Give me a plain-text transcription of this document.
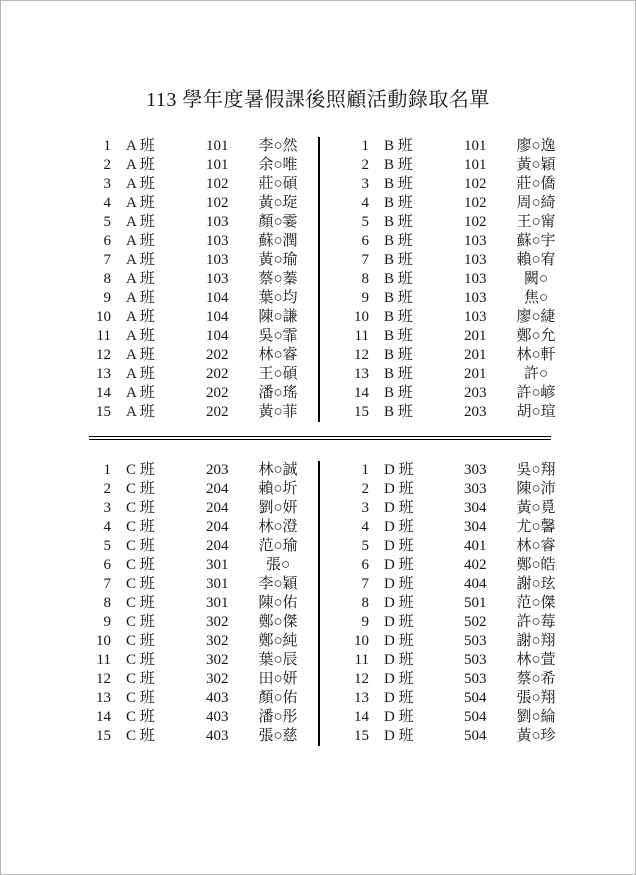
113 學年度暑假課後照顧活動錄取名單
1	A 班	101	李○然
2	A 班	101	余○唯
3	A 班	102	莊○碩
4	A 班	102	黃○琁
5	A 班	103	顏○霎
6	A 班	103	蘇○潤
7	A 班	103	黃○瑜
8	A 班	103	蔡○蓁
9	A 班	104	葉○均
10	A 班	104	陳○謙
11	A 班	104	吳○霏
12	A 班	202	林○睿
13	A 班	202	王○碩
14	A 班	202	潘○瑤
15	A 班	202	黃○菲
1	B 班	101	廖○逸
2	B 班	101	黃○穎
3	B 班	102	莊○僑
4	B 班	102	周○綺
5	B 班	102	王○甯
6	B 班	103	蘇○宇
7	B 班	103	賴○宥
8	B 班	103	闕○
9	B 班	103	焦○
10	B 班	103	廖○緁
11	B 班	201	鄭○允
12	B 班	201	林○軒
13	B 班	201	許○
14	B 班	203	許○嵃
15	B 班	203	胡○瑄
1	C 班	203	林○誠
2	C 班	204	賴○圻
3	C 班	204	劉○妍
4	C 班	204	林○澄
5	C 班	204	范○瑜
6	C 班	301	張○
7	C 班	301	李○穎
8	C 班	301	陳○佑
9	C 班	302	鄭○傑
10	C 班	302	鄭○純
11	C 班	302	葉○辰
12	C 班	302	田○妍
13	C 班	403	顏○佑
14	C 班	403	潘○彤
15	C 班	403	張○慈
1	D 班	303	吳○翔
2	D 班	303	陳○沛
3	D 班	304	黃○覓
4	D 班	304	尤○馨
5	D 班	401	林○睿
6	D 班	402	鄭○皓
7	D 班	404	謝○玹
8	D 班	501	范○傑
9	D 班	502	許○莓
10	D 班	503	謝○翔
11	D 班	503	林○萱
12	D 班	503	蔡○希
13	D 班	504	張○翔
14	D 班	504	劉○綸
15	D 班	504	黃○珍
